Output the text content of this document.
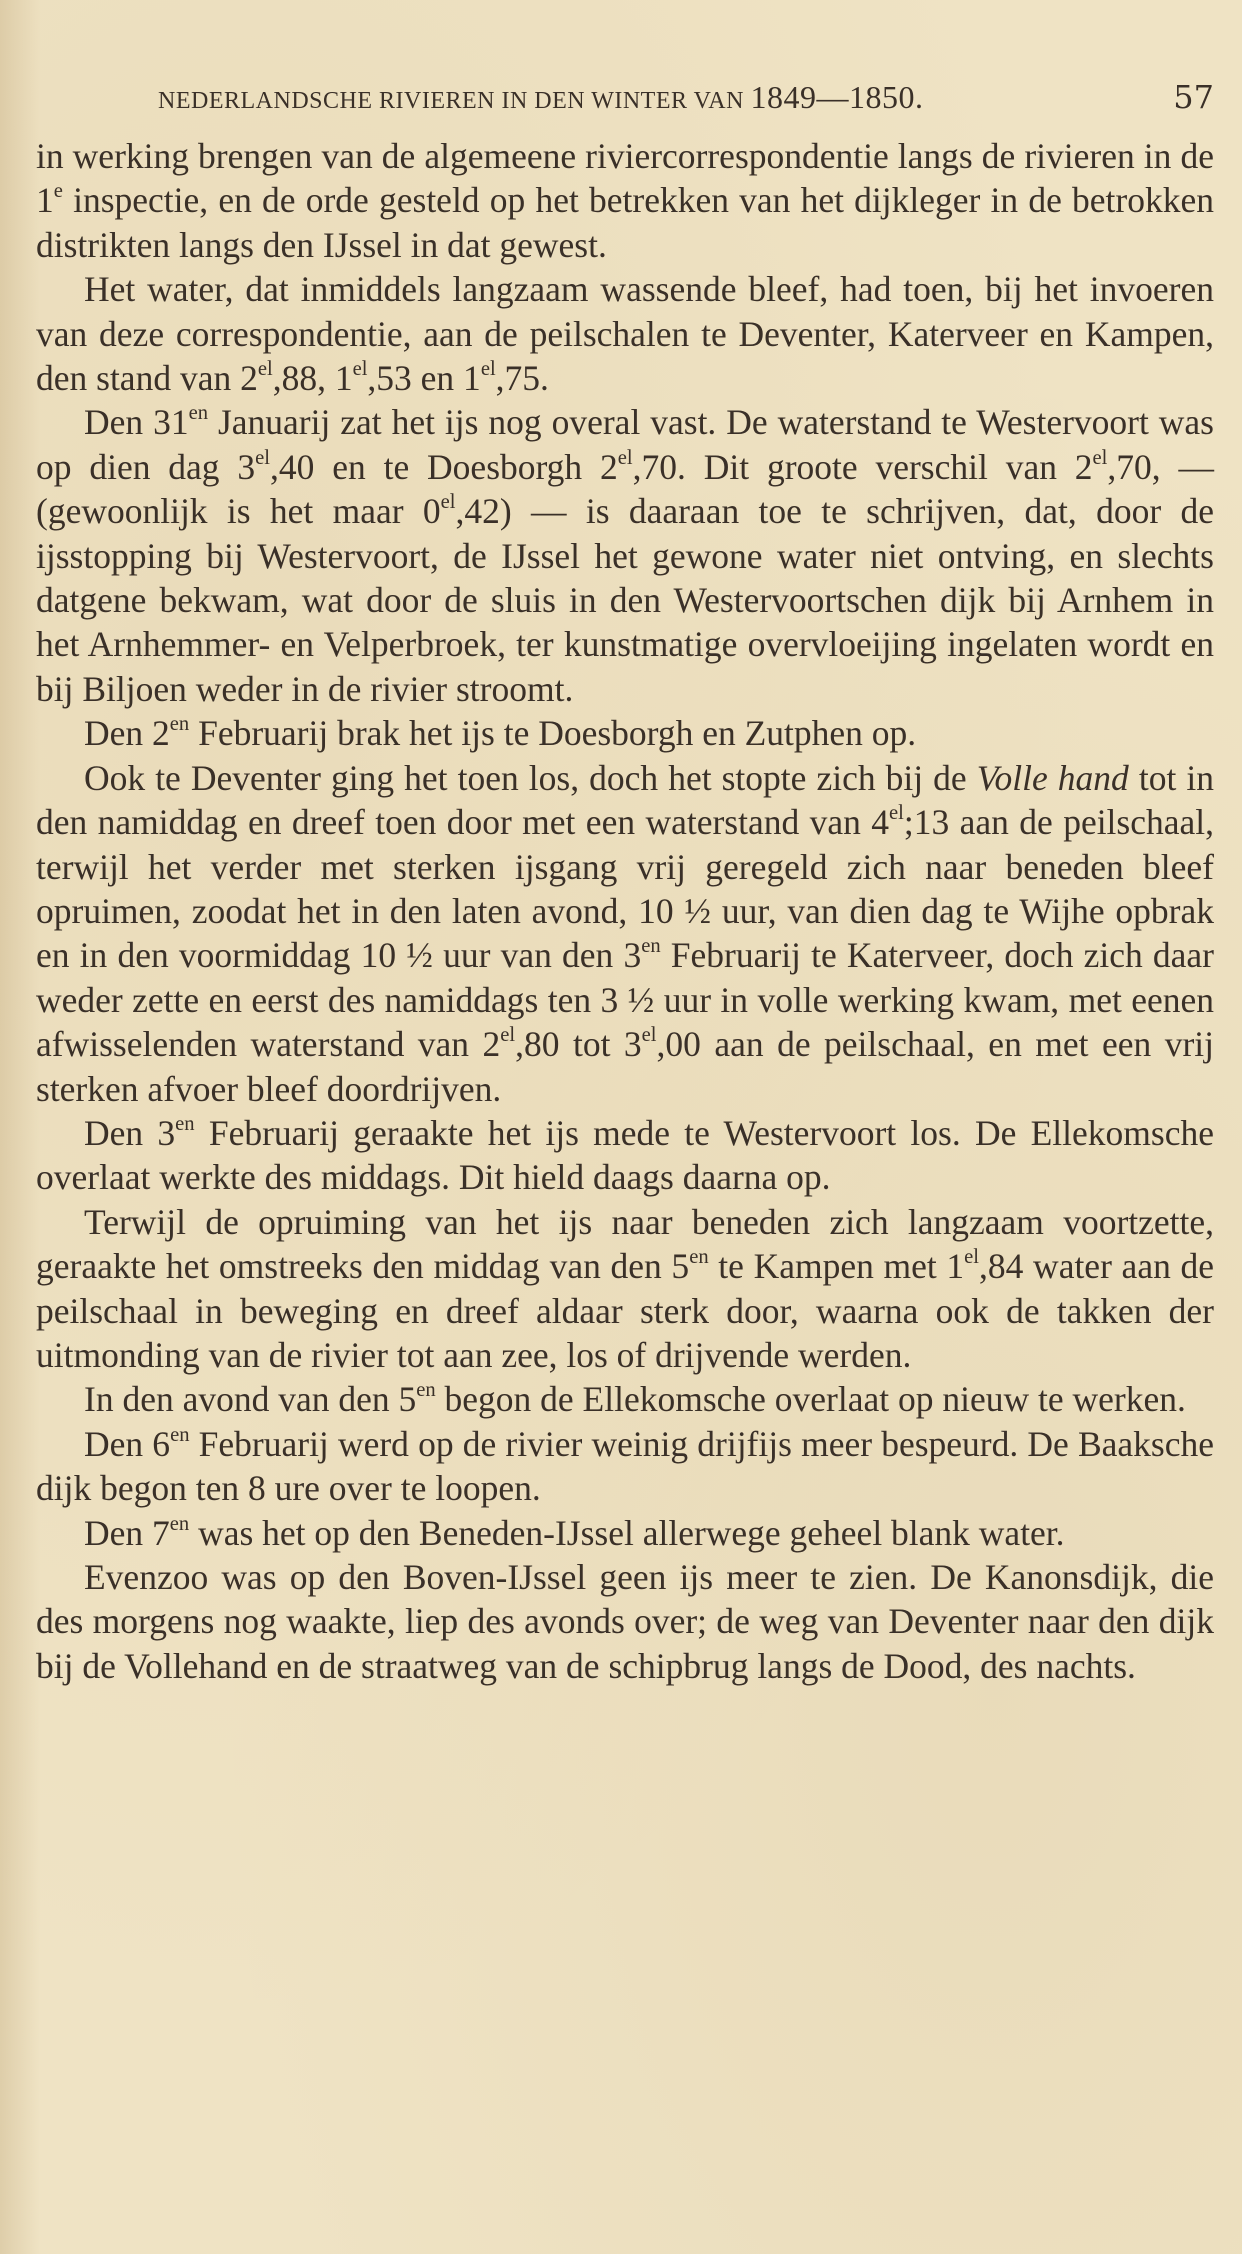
NEDERLANDSCHE RIVIEREN IN DEN WINTER VAN 1849—1850.	57

in werking brengen van de algemeene riviercorrespondentie langs de rivieren in de 1e inspectie, en de orde gesteld op het betrekken van het dijkleger in de betrokken distrikten langs den IJssel in dat gewest.

Het water, dat inmiddels langzaam wassende bleef, had toen, bij het invoeren van deze correspondentie, aan de peilschalen te Deventer, Katerveer en Kampen, den stand van $2^{el},88$, $1^{el},53$ en $1^{el},75$.

Den $31^{en}$ Januarij zat het ijs nog overal vast. De waterstand te Westervoort was op dien dag $3^{el},40$ en te Doesborgh $2^{el},70$. Dit groote verschil van $2^{el},70$, — (gewoonlijk is het maar $0^{el},42$) — is daaraan toe te schrijven, dat, door de ijsstopping bij Westervoort, de IJssel het gewone water niet ontving, en slechts datgene bekwam, wat door de sluis in den Westervoortschen dijk bij Arnhem in het Arnhemmer- en Velperbroek, ter kunstmatige overvloeijing ingelaten wordt en bij Biljoen weder in de rivier stroomt.

Den $2^{en}$ Februarij brak het ijs te Doesborgh en Zutphen op.

Ook te Deventer ging het toen los, doch het stopte zich bij de Volle hand tot in den namiddag en dreef toen door met een waterstand van $4^{el};13$ aan de peilschaal, terwijl het verder met sterken ijsgang vrij geregeld zich naar beneden bleef opruimen, zoodat het in den laten avond, 10 ½ uur, van dien dag te Wijhe opbrak en in den voormiddag 10 ½ uur van den $3^{en}$ Februarij te Katerveer, doch zich daar weder zette en eerst des namiddags ten 3 ½ uur in volle werking kwam, met eenen afwisselenden waterstand van $2^{el},80$ tot $3^{el},00$ aan de peilschaal, en met een vrij sterken afvoer bleef doordrijven.

Den $3^{en}$ Februarij geraakte het ijs mede te Westervoort los. De Ellekomsche overlaat werkte des middags. Dit hield daags daarna op.

Terwijl de opruiming van het ijs naar beneden zich langzaam voortzette, geraakte het omstreeks den middag van den $5^{en}$ te Kampen met $1^{el},84$ water aan de peilschaal in beweging en dreef aldaar sterk door, waarna ook de takken der uitmonding van de rivier tot aan zee, los of drijvende werden.

In den avond van den $5^{en}$ begon de Ellekomsche overlaat op nieuw te werken.

Den $6^{en}$ Februarij werd op de rivier weinig drijfijs meer bespeurd. De Baaksche dijk begon ten 8 ure over te loopen.

Den $7^{en}$ was het op den Beneden-IJssel allerwege geheel blank water.

Evenzoo was op den Boven-IJssel geen ijs meer te zien. De Kanonsdijk, die des morgens nog waakte, liep des avonds over; de weg van Deventer naar den dijk bij de Vollehand en de straatweg van de schipbrug langs de Dood, des nachts.
